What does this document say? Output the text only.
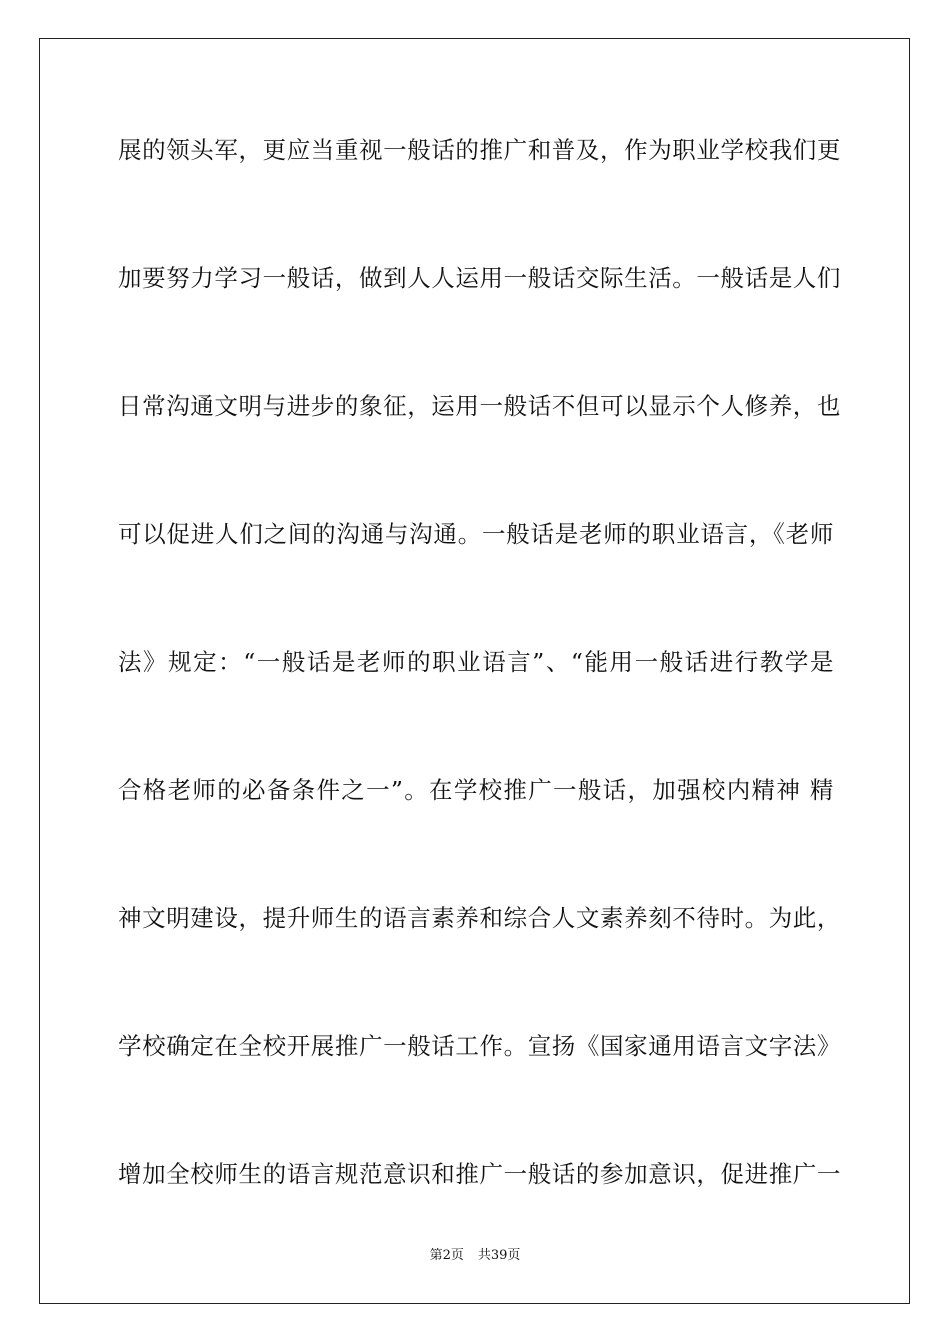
展的领头军，更应当重视一般话的推广和普及，作为职业学校我们更
加要努力学习一般话，做到人人运用一般话交际生活。一般话是人们
日常沟通文明与进步的象征，运用一般话不但可以显示个人修养，也
可以促进人们之间的沟通与沟通。一般话是老师的职业语言，《老师
法》规定：“一般话是老师的职业语言”、“能用一般话进行教学是
合格老师的必备条件之一”。在学校推广一般话，加强校内精神 精
神文明建设，提升师生的语言素养和综合人文素养刻不待时。为此，
学校确定在全校开展推广一般话工作。宣扬《国家通用语言文字法》
增加全校师生的语言规范意识和推广一般话的参加意识，促进推广一
第2页 共39页
